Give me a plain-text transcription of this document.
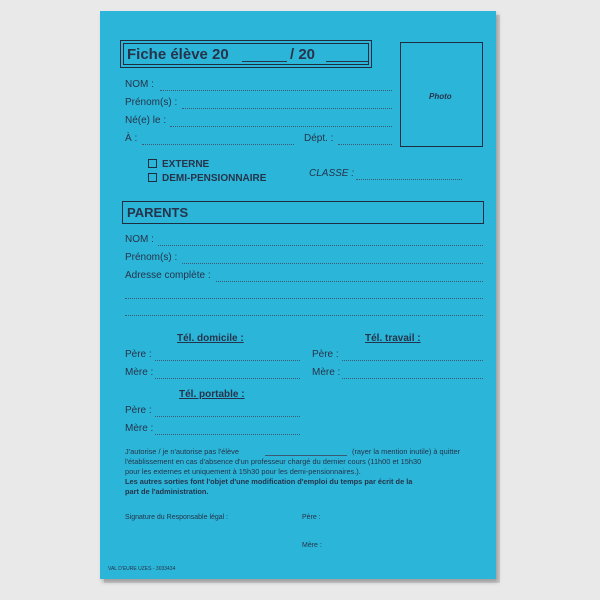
Fiche élève 20	/ 20
Photo
NOM :
Prénom(s) :
Né(e) le :
À :	Dépt. :
EXTERNE
DEMI-PENSIONNAIRE	CLASSE :
PARENTS
NOM :
Prénom(s) :
Adresse complète :
Tél. domicile :	Tél. travail :
Père :	Père :
Mère :	Mère :
Tél. portable :
Père :
Mère :
J'autorise / je n'autorise pas l'élève	(rayer la mention inutile) à quitter
l'établissement en cas d'absence d'un professeur chargé du dernier cours (11h00 et 15h30
pour les externes et uniquement à 15h30 pour les demi-pensionnaires.).
Les autres sorties font l'objet d'une modification d'emploi du temps par écrit de la
part de l'administration.
Signature du Responsable légal :	Père :
Mère :
VAL D'EURE UZES - 3033434
